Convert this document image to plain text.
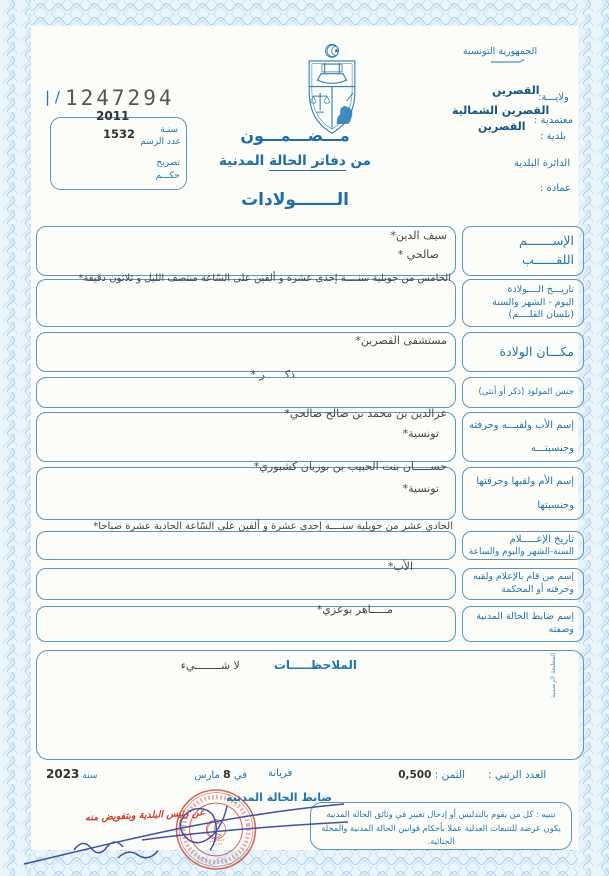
الجمهورية التونسية
ولايـــة:
القصرين
معتمدية :
القصرين الشمالية
القصرين
بلدية :
الدائرة البلدية
عمادة :
مـــضـــمـــون
من دفاتر الحالة المدنية
الـــــــولادات
| / 1247294
2011
سنـة
1532
عدد الرسم
تصريح
حكـــم
سيف الدين*
صالحي *
الإســـــــم
اللقــــــب
الخامس من جويلية سنــــة إحدى عشرة و ألفين على السّاعة منتصف الليل و ثلاثون دقيقة*
تاريـــخ الــــولادة
اليوم - الشهر والسنة
(بلسان القلــــم)
مستشفى القصرين*
ذكــــــر *
مكـــان الولادة
جنس المولود (ذكر أو أنثى)
عزالدين بن محمد بن صالح صالحي*
تونسية*
إسم الأب ولقبـــه وحرفته
وجنسيتـــه
حســـــان بنت الحبيب بن بوزيان كشبوري*
تونسية*
إسم الأم ولقبها وحرفتها
وجنسيتها
الحادي عشر من جويلية سنــــة إحدى عشرة و ألفين على السّاعة الحادية عشرة صباحا*
تاريخ الإعـــــلام
السنة-الشهر واليوم والساعة
الأب*
إسم من قام بالإعلام ولقبه
وحرفته أو المحكمة
مـــــاهر بوعزي*
إسم ضابط الحالة المدنية
وصفته
الملاحظـــــات
لا شــــــــيء	المطبعة الرسمية
العدد الرتبي :
الثمن : 0,500
فريانة
في 8 مارس
سنة 2023
ضابط الحالة المدنية
عن رئيس البلدية وبتفويض منه	تنبيه : كل من يقوم بالتدليس أو إدخال تغيير في وثائق الحالة المدنية يكون عرضة للتتبعات العدلية عملا بأحكام قوانين الحالة المدنية والمجلة الجنائية.
